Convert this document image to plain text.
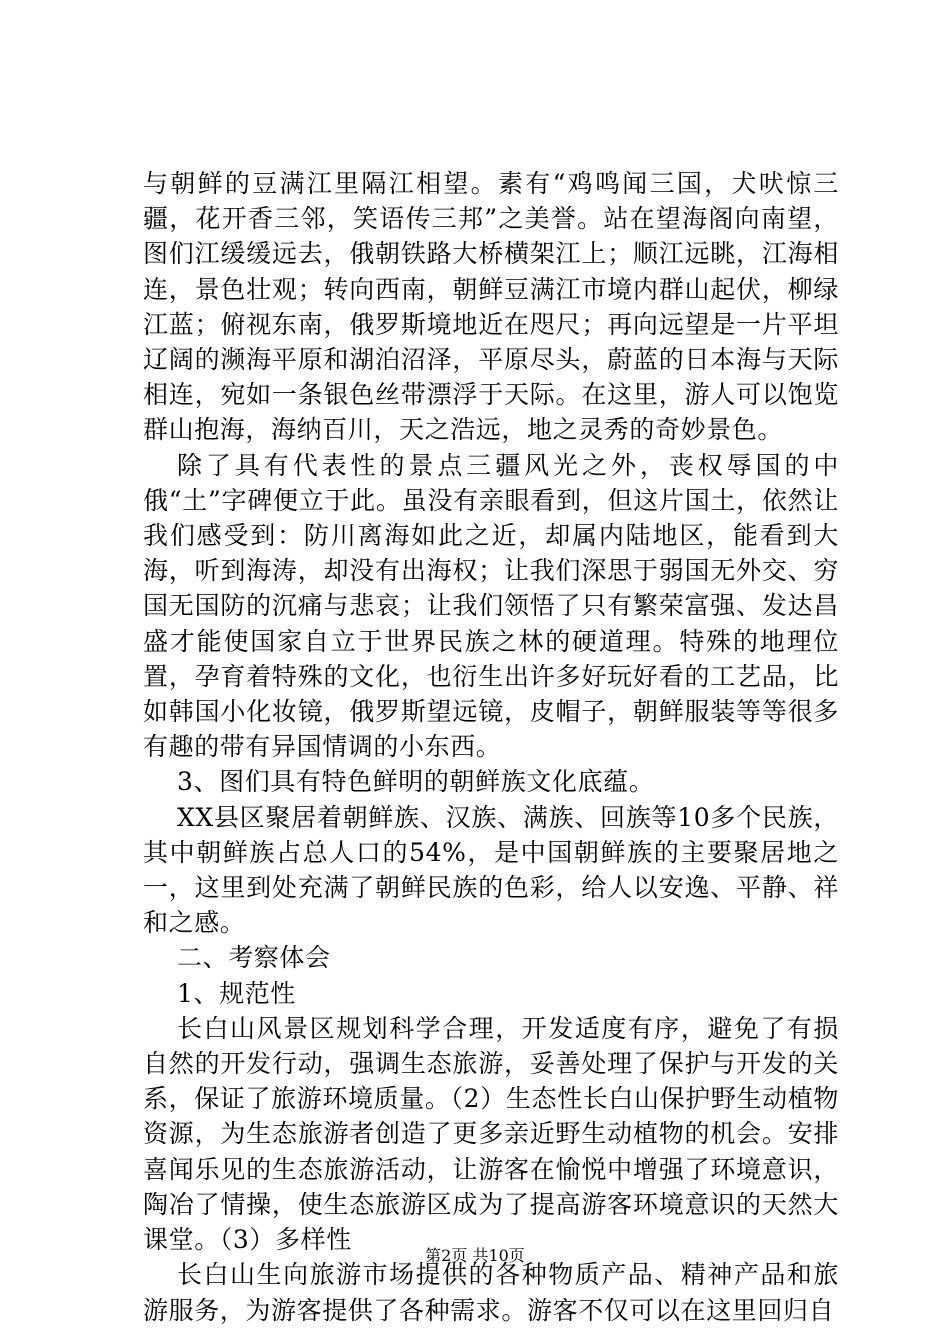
与朝鲜的豆满江里隔江相望。素有“鸡鸣闻三国，犬吠惊三疆，花开香三邻，笑语传三邦”之美誉。站在望海阁向南望，图们江缓缓远去，俄朝铁路大桥横架江上；顺江远眺，江海相连，景色壮观；转向西南，朝鲜豆满江市境内群山起伏，柳绿江蓝；俯视东南，俄罗斯境地近在咫尺；再向远望是一片平坦辽阔的濒海平原和湖泊沼泽，平原尽头，蔚蓝的日本海与天际相连，宛如一条银色丝带漂浮于天际。在这里，游人可以饱览群山抱海，海纳百川，天之浩远，地之灵秀的奇妙景色。

除了具有代表性的景点三疆风光之外，丧权辱国的中俄“土”字碑便立于此。虽没有亲眼看到，但这片国土，依然让我们感受到：防川离海如此之近，却属内陆地区，能看到大海，听到海涛，却没有出海权；让我们深思于弱国无外交、穷国无国防的沉痛与悲哀；让我们领悟了只有繁荣富强、发达昌盛才能使国家自立于世界民族之林的硬道理。特殊的地理位置，孕育着特殊的文化，也衍生出许多好玩好看的工艺品，比如韩国小化妆镜，俄罗斯望远镜，皮帽子，朝鲜服装等等很多有趣的带有异国情调的小东西。

3、图们具有特色鲜明的朝鲜族文化底蕴。

XX县区聚居着朝鲜族、汉族、满族、回族等10多个民族，其中朝鲜族占总人口的54%，是中国朝鲜族的主要聚居地之一，这里到处充满了朝鲜民族的色彩，给人以安逸、平静、祥和之感。

二、考察体会

1、规范性

长白山风景区规划科学合理，开发适度有序，避免了有损自然的开发行动，强调生态旅游，妥善处理了保护与开发的关系，保证了旅游环境质量。（2）生态性长白山保护野生动植物资源，为生态旅游者创造了更多亲近野生动植物的机会。安排喜闻乐见的生态旅游活动，让游客在愉悦中增强了环境意识，陶冶了情操，使生态旅游区成为了提高游客环境意识的天然大课堂。（3）多样性

长白山生向旅游市场提供的各种物质产品、精神产品和旅游服务，为游客提供了各种需求。游客不仅可以在这里回归自

第2页 共10页
